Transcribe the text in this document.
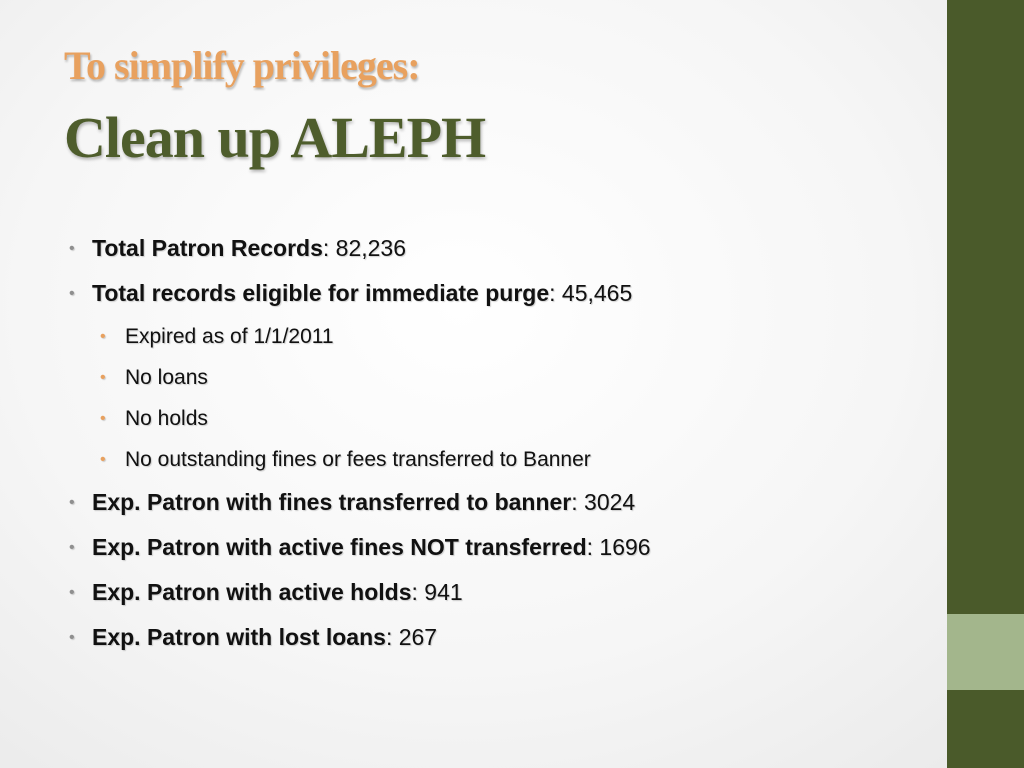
To simplify privileges:
Clean up ALEPH
• Total Patron Records: 82,236
• Total records eligible for immediate purge: 45,465
• Expired as of 1/1/2011
• No loans
• No holds
• No outstanding fines or fees transferred to Banner
• Exp. Patron with fines transferred to banner: 3024
• Exp. Patron with active fines NOT transferred: 1696
• Exp. Patron with active holds: 941
• Exp. Patron with lost loans: 267
